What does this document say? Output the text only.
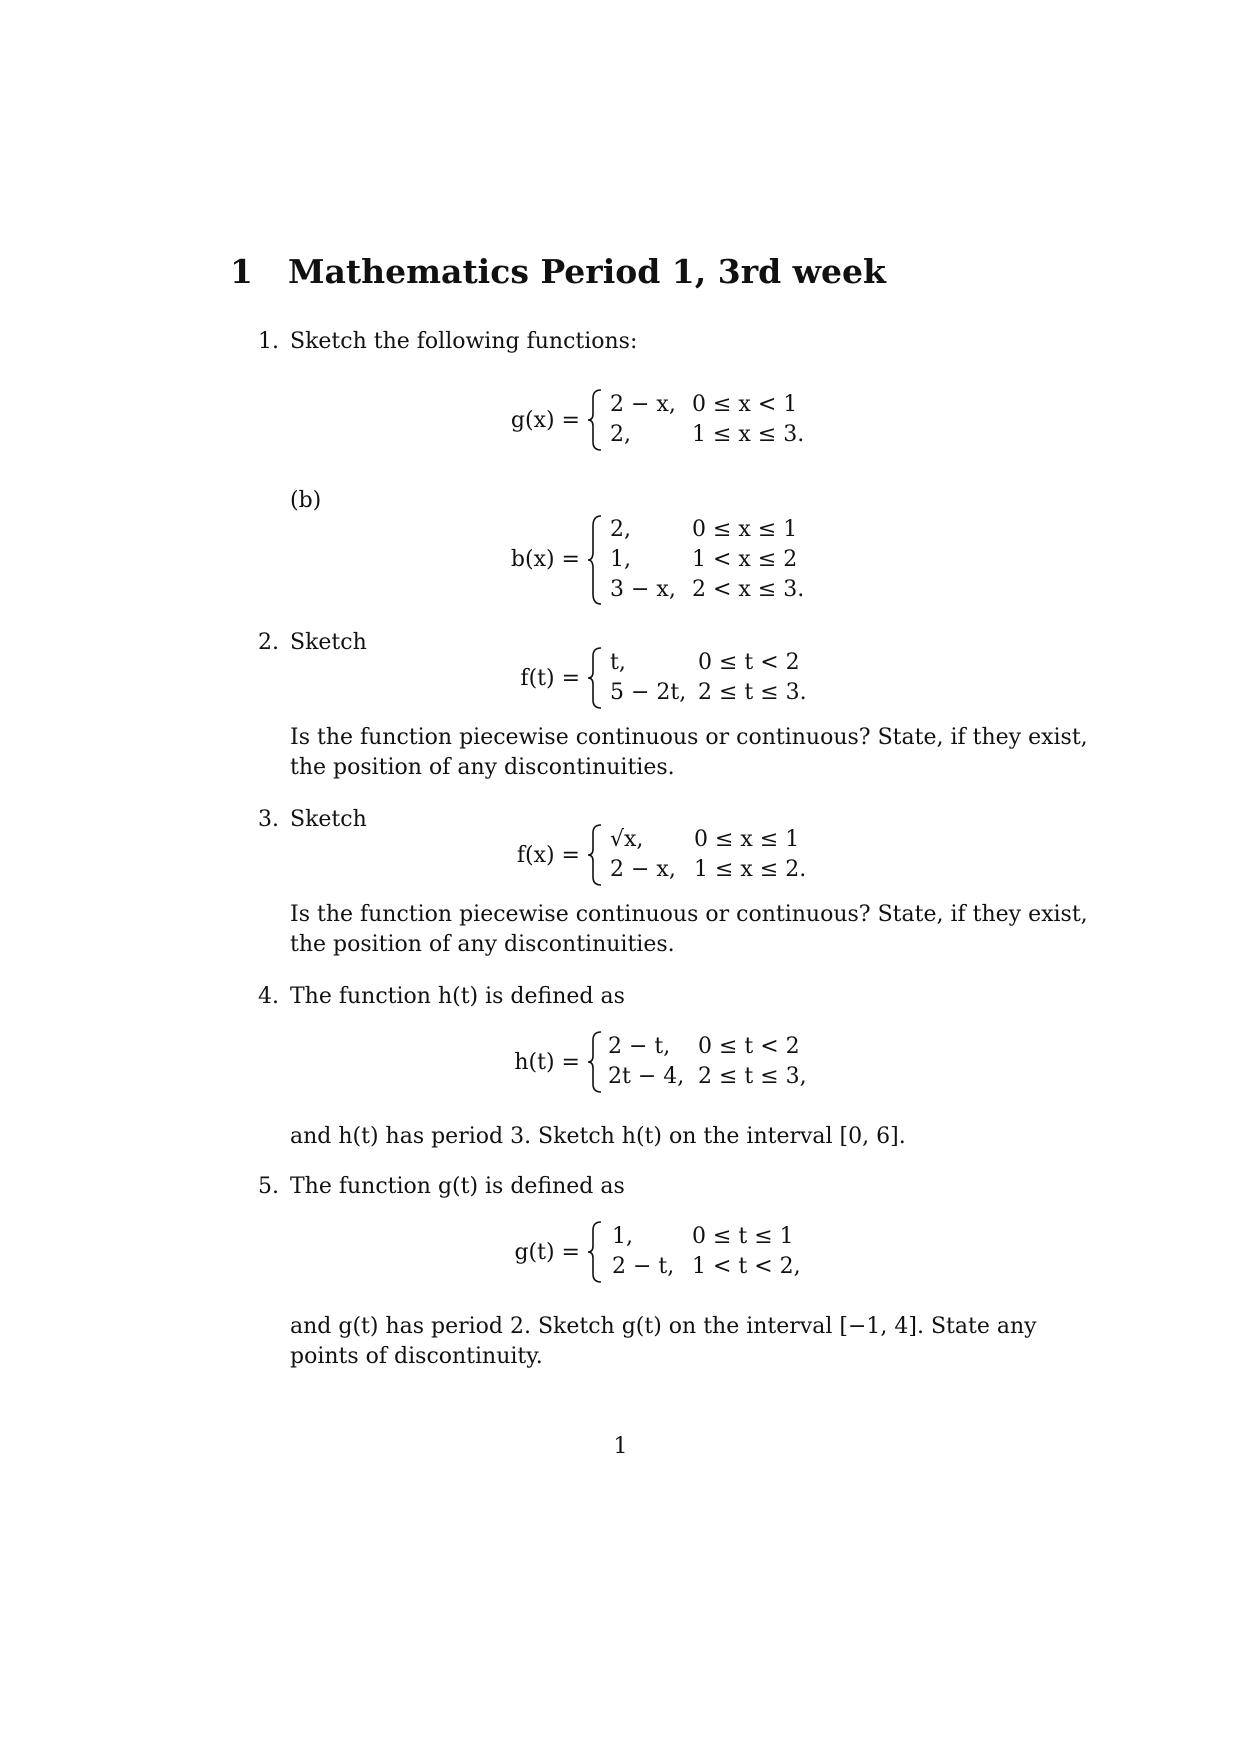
1 Mathematics Period 1, 3rd week
1. Sketch the following functions:
g(x) =
2 − x, 0 ≤ x < 1
2,	1 ≤ x ≤ 3.
(b)
b(x) =
2,	0 ≤ x ≤ 1
1,	1 < x ≤ 2
3 − x, 2 < x ≤ 3.
2. Sketch
f(t) =
t,	0 ≤ t < 2
5 − 2t, 2 ≤ t ≤ 3.
Is the function piecewise continuous or continuous? State, if they exist,
the position of any discontinuities.
3. Sketch
f(x) =
√x, 0 ≤ x ≤ 1
2 − x, 1 ≤ x ≤ 2.
Is the function piecewise continuous or continuous? State, if they exist,
the position of any discontinuities.
4. The function h(t) is defined as
h(t) =
2 − t, 0 ≤ t < 2
2t − 4, 2 ≤ t ≤ 3,
and h(t) has period 3. Sketch h(t) on the interval [0, 6].
5. The function g(t) is defined as
g(t) =
1,	0 ≤ t ≤ 1
2 − t, 1 < t < 2,
and g(t) has period 2. Sketch g(t) on the interval [−1, 4]. State any
points of discontinuity.
1
